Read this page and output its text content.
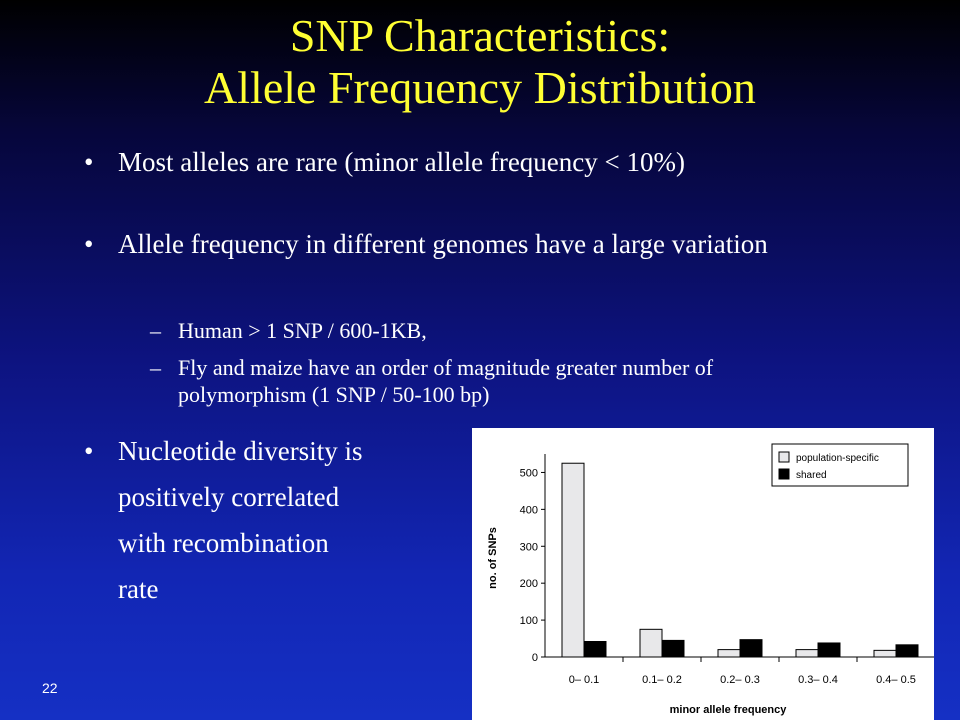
SNP Characteristics:
Allele Frequency Distribution
• Most alleles are rare (minor allele frequency < 10%)
• Allele frequency in different genomes have a large variation
– Human > 1 SNP / 600-1KB,
– Fly and maize have an order of magnitude greater number of polymorphism (1 SNP / 50-100 bp)
• Nucleotide diversity is
positively correlated
with recombination
rate
22
no. of SNPs
minor allele frequency
0
100
200
300
400
500
0– 0.1	0.1– 0.2	0.2– 0.3	0.3– 0.4	0.4– 0.5
population-specific
shared
